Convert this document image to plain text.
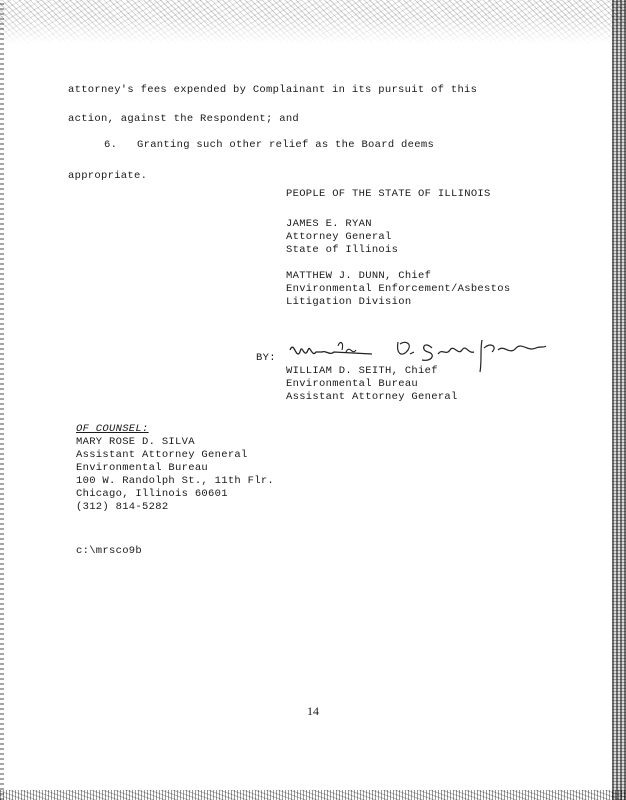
attorney's fees expended by Complainant in its pursuit of this
action, against the Respondent; and
6.   Granting such other relief as the Board deems
appropriate.
PEOPLE OF THE STATE OF ILLINOIS
JAMES E. RYAN
Attorney General
State of Illinois
MATTHEW J. DUNN, Chief
Environmental Enforcement/Asbestos
Litigation Division
BY:
WILLIAM D. SEITH, Chief
Environmental Bureau
Assistant Attorney General
OF COUNSEL:
MARY ROSE D. SILVA
Assistant Attorney General
Environmental Bureau
100 W. Randolph St., 11th Flr.
Chicago, Illinois 60601
(312) 814-5282
c:\mrsco9b
14
